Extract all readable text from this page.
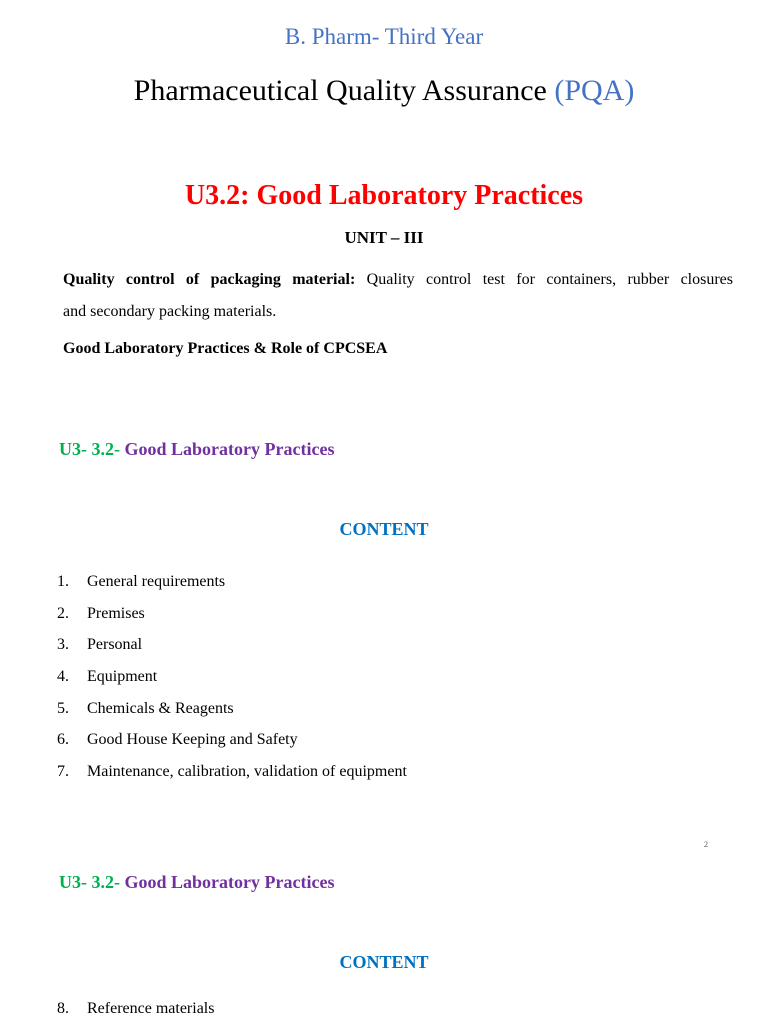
B. Pharm- Third Year
Pharmaceutical Quality Assurance (PQA)
U3.2: Good Laboratory Practices
UNIT – III
Quality control of packaging material: Quality control test for containers, rubber closures
and secondary packing materials.
Good Laboratory Practices & Role of CPCSEA
U3- 3.2- Good Laboratory Practices
CONTENT
1. General requirements
2. Premises
3. Personal
4. Equipment
5. Chemicals & Reagents
6. Good House Keeping and Safety
7. Maintenance, calibration, validation of equipment
2
U3- 3.2- Good Laboratory Practices
CONTENT
8. Reference materials
